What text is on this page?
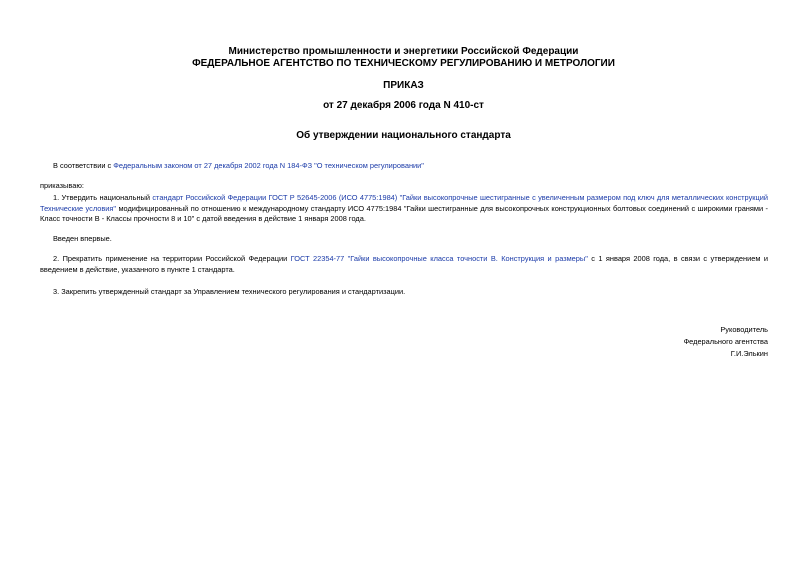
Министерство промышленности и энергетики Российской Федерации
ФЕДЕРАЛЬНОЕ АГЕНТСТВО ПО ТЕХНИЧЕСКОМУ РЕГУЛИРОВАНИЮ И МЕТРОЛОГИИ
ПРИКАЗ
от 27 декабря 2006 года N 410-ст
Об утверждении национального стандарта
В соответствии с Федеральным законом от 27 декабря 2002 года N 184-ФЗ "О техническом регулировании"
приказываю:
1. Утвердить национальный стандарт Российской Федерации ГОСТ Р 52645-2006 (ИСО 4775:1984) "Гайки высокопрочные шестигранные с увеличенным размером под ключ для металлических конструкций Технические условия" модифицированный по отношению к международному стандарту ИСО 4775:1984 "Гайки шестигранные для высокопрочных конструкционных болтовых соединений с широкими гранями - Класс точности В - Классы прочности 8 и 10" с датой введения в действие 1 января 2008 года.
Введен впервые.
2. Прекратить применение на территории Российской Федерации ГОСТ 22354-77 "Гайки высокопрочные класса точности В. Конструкция и размеры" с 1 января 2008 года, в связи с утверждением и введением в действие, указанного в пункте 1 стандарта.
3. Закрепить утвержденный стандарт за Управлением технического регулирования и стандартизации.
Руководитель
Федерального агентства
Г.И.Элькин
